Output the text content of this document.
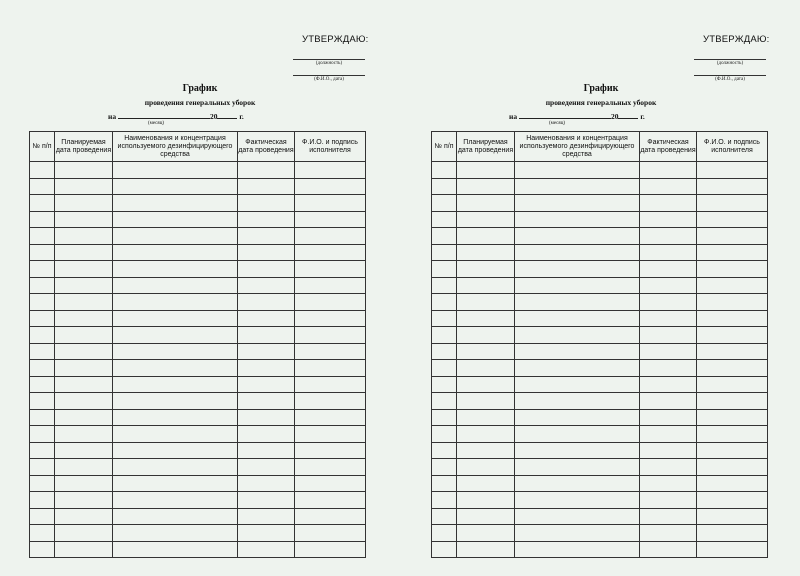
УТВЕРЖДАЮ:
(должность)
(Ф.И.О., дата)
График
проведения генеральных уборок
на	20	г.
(месяц)
№ п/п	Планируемая дата проведения	Наименования и концентрация используемого дезинфицирующего средства	Фактическая дата проведения	Ф.И.О. и подпись исполнителя

УТВЕРЖДАЮ:
(должность)
(Ф.И.О., дата)
График
проведения генеральных уборок
на	20	г.
(месяц)
№ п/п	Планируемая дата проведения	Наименования и концентрация используемого дезинфицирующего средства	Фактическая дата проведения	Ф.И.О. и подпись исполнителя
